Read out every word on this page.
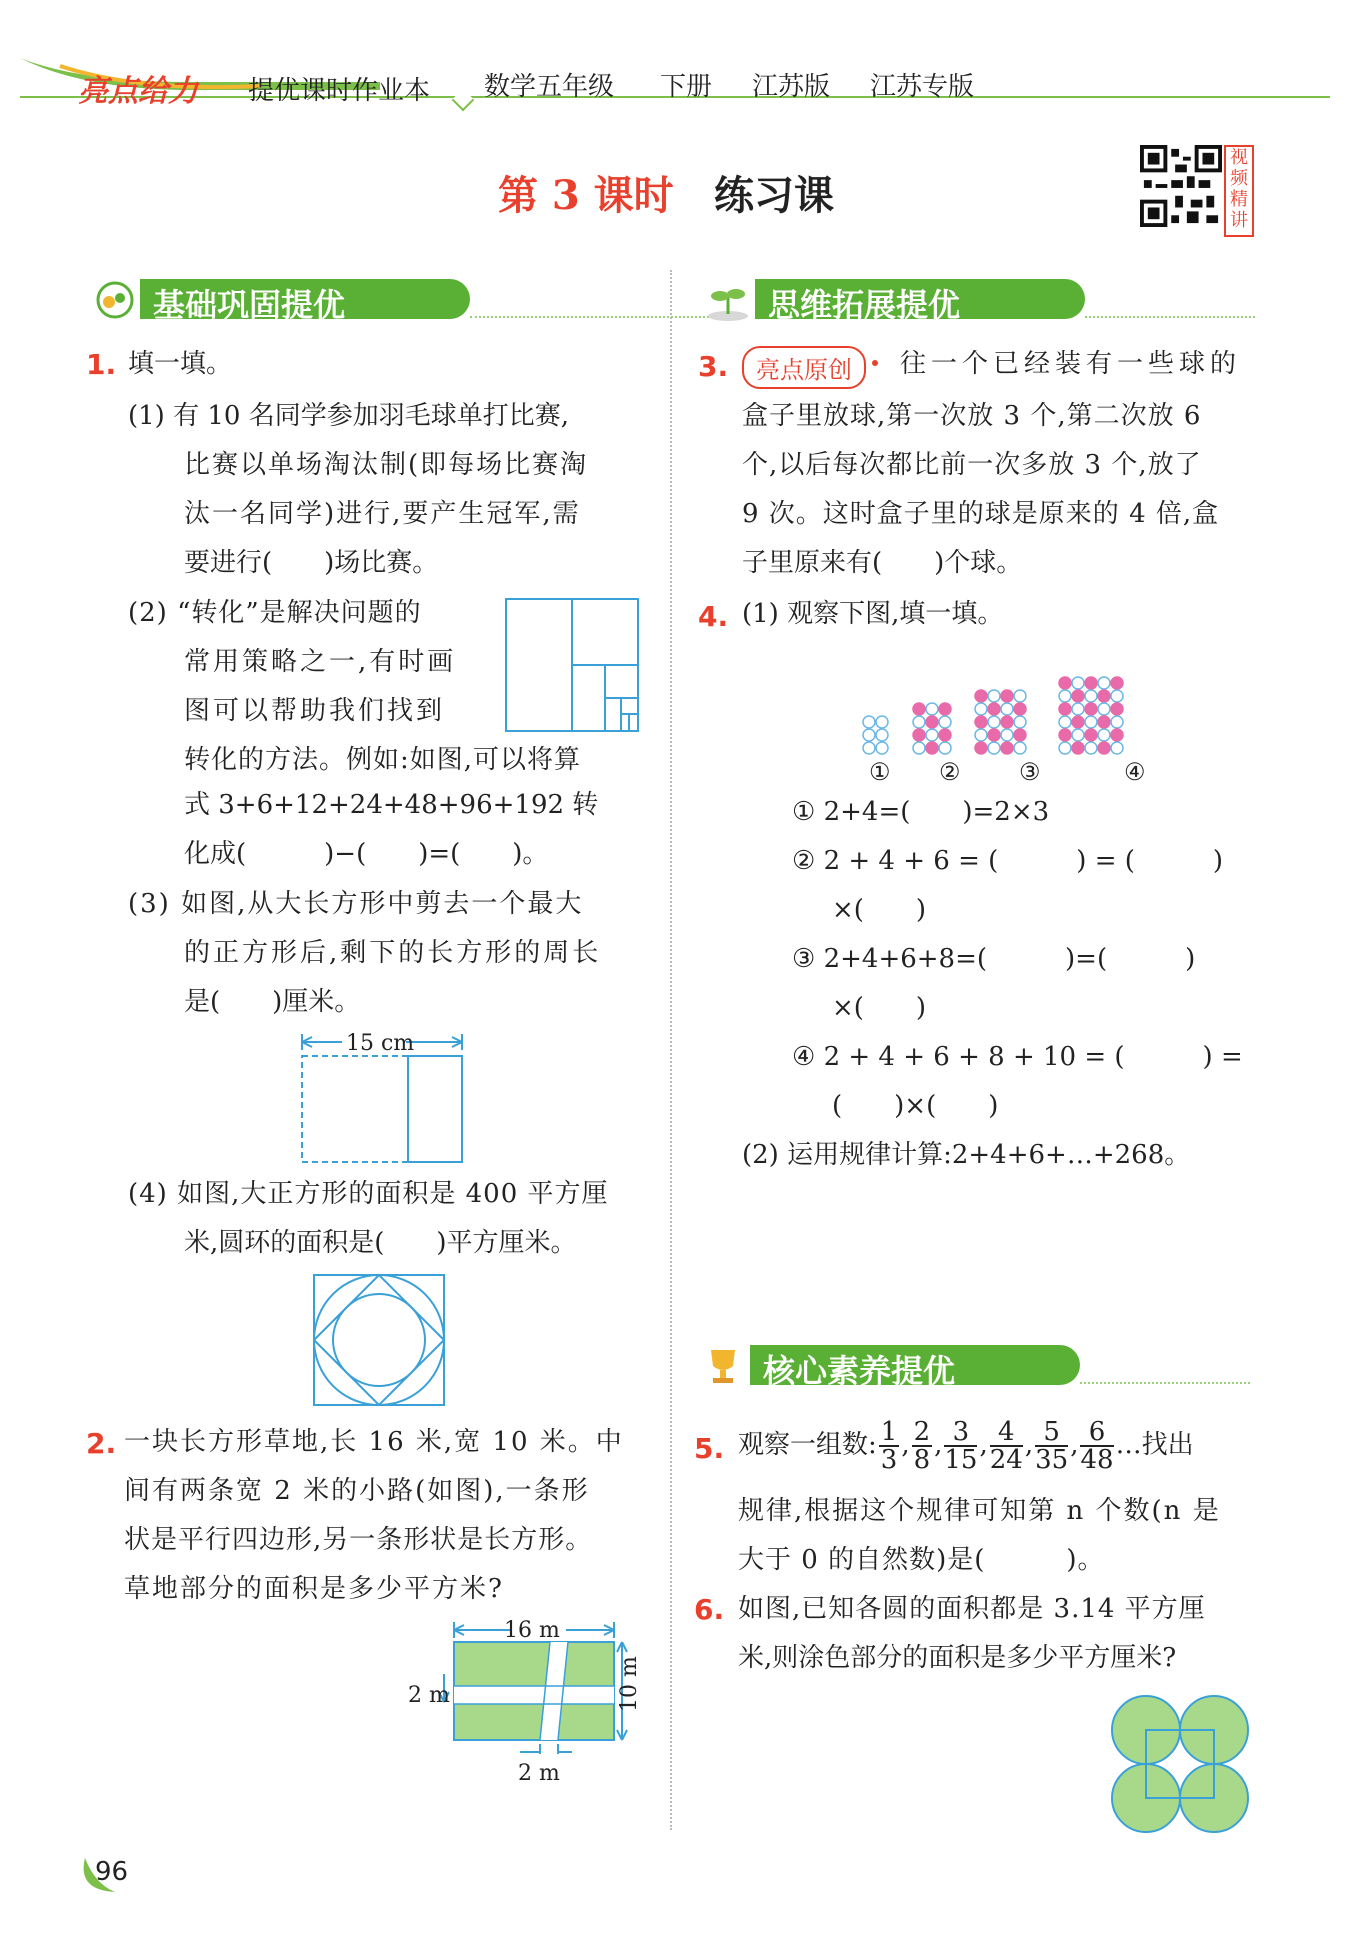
亮点给力 提优课时作业本 数学五年级 下册 江苏版 江苏专版
第 3 课时 练习课
视频精讲
基础巩固提优	思维拓展提优
核心素养提优
1. 填一填。
(1) 有 10 名同学参加羽毛球单打比赛,
比赛以单场淘汰制(即每场比赛淘
汰一名同学)进行,要产生冠军,需
要进行(　　)场比赛。
(2) “转化”是解决问题的
常用策略之一,有时画
图可以帮助我们找到
转化的方法。例如:如图,可以将算
式 3+6+12+24+48+96+192 转
化成(　　　)−(　　)=(　　)。
(3) 如图,从大长方形中剪去一个最大
的正方形后,剩下的长方形的周长
是(　　)厘米。
15 cm
(4) 如图,大正方形的面积是 400 平方厘
米,圆环的面积是(　　)平方厘米。
2. 一块长方形草地,长 16 米,宽 10 米。中
间有两条宽 2 米的小路(如图),一条形
状是平行四边形,另一条形状是长方形。
草地部分的面积是多少平方米?
16 m
10 m
2 m
2 m
3.	亮点原创	往一个已经装有一些球的
盒子里放球,第一次放 3 个,第二次放 6
个,以后每次都比前一次多放 3 个,放了
9 次。这时盒子里的球是原来的 4 倍,盒
子里原来有(　　)个球。
4. (1) 观察下图,填一填。
① ② ③	④
① 2+4=(　　)=2×3
② 2 + 4 + 6 = (　　　) = (　　　)
×(　　)
③ 2+4+6+8=(　　　)=(　　　)
×(　　)
④ 2 + 4 + 6 + 8 + 10 = (　　　) =
(　　)×(　　)
(2) 运用规律计算:2+4+6+…+268。
5. 观察一组数: $\frac{1}{3}$ , $\frac{2}{8}$ , $\frac{3}{15}$ , $\frac{4}{24}$ , $\frac{5}{35}$ , $\frac{6}{48}$ …找出
规律,根据这个规律可知第 n 个数(n 是
大于 0 的自然数)是(　　　)。
6. 如图,已知各圆的面积都是 3.14 平方厘
米,则涂色部分的面积是多少平方厘米?
96
